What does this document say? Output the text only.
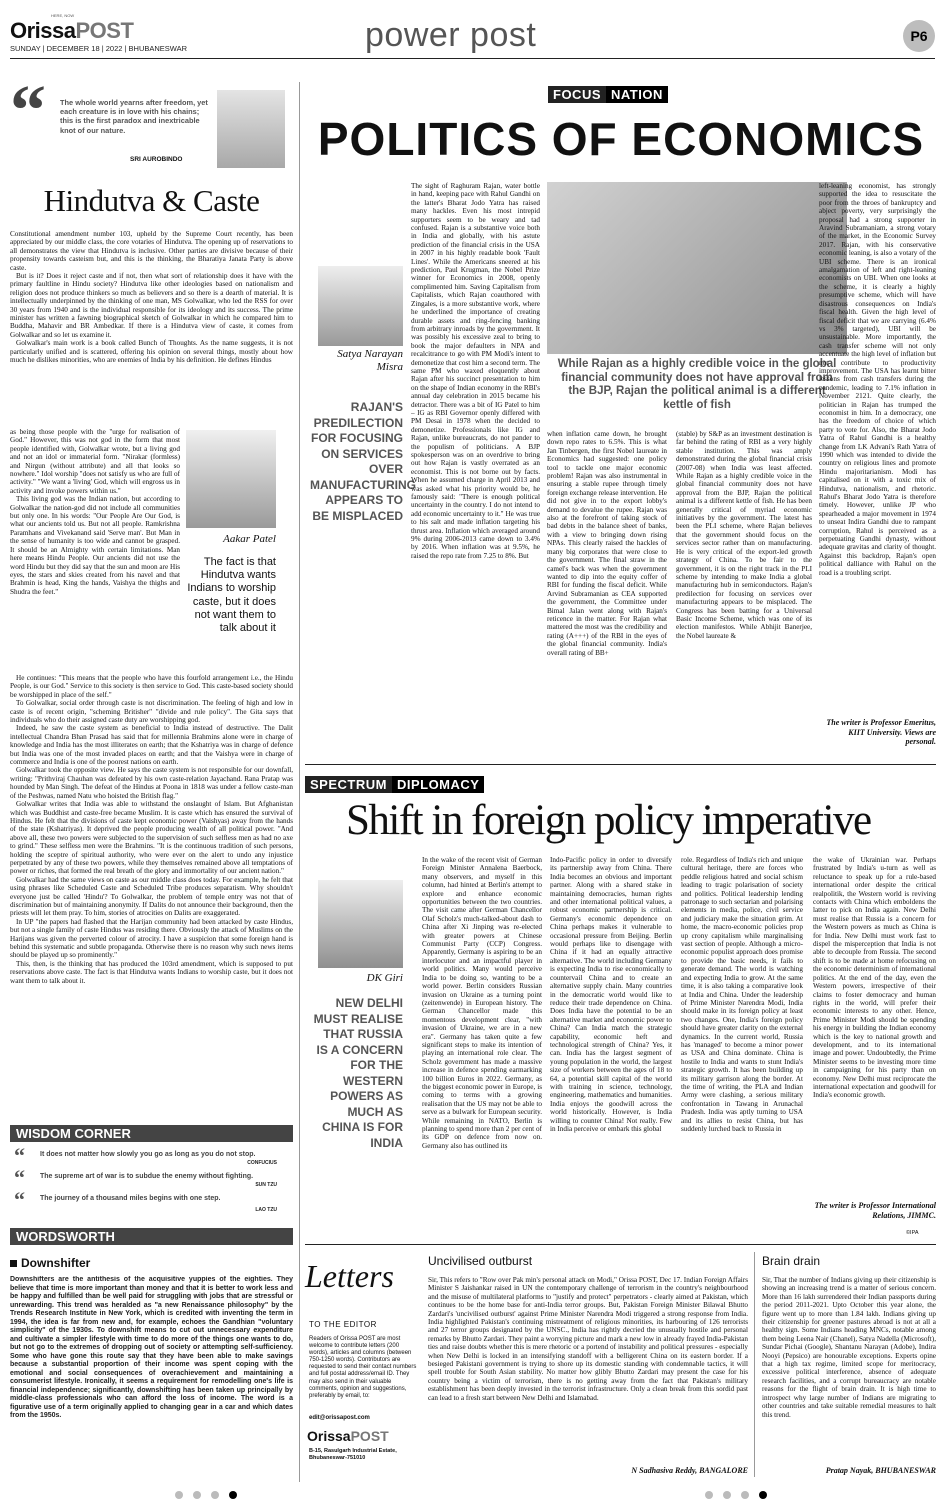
OrissaPOST
HERE, NOW
SUNDAY | DECEMBER 18 | 2022 | BHUBANESWAR	power post	P6
“ The whole world yearns after freedom, yet each creature is in love with his chains; this is the first paradox and inextricable knot of our nature.
SRI AUROBINDO
Hindutva & Caste

Constitutional amendment number 103, upheld by the Supreme Court recently, has been appreciated by our middle class, the core votaries of Hindutva. The opening up of reservations to all demonstrates the view that Hindutva is inclusive. Other parties are divisive because of their propensity towards casteism but, and this is the thinking, the Bharatiya Janata Party is above caste.

But is it? Does it reject caste and if not, then what sort of relationship does it have with the primary faultline in Hindu society? Hindutva like other ideologies based on nationalism and religion does not produce thinkers so much as believers and so there is a dearth of material. It is intellectually underpinned by the thinking of one man, MS Golwalkar, who led the RSS for over 30 years from 1940 and is the individual responsible for its ideology and its success. The prime minister has written a fawning biographical sketch of Golwalkar in which he compared him to Buddha, Mahavir and BR Ambedkar. If there is a Hindutva view of caste, it comes from Golwalkar and so let us examine it.

Golwalkar's main work is a book called Bunch of Thoughts. As the name suggests, it is not particularly unified and is scattered, offering his opinion on several things, mostly about how much he dislikes minorities, who are enemies of India by his definition. He defines Hindus

as being those people with the "urge for realisation of God." However, this was not god in the form that most people identified with, Golwalkar wrote, but a living god and not an idol or immaterial form. "Nirakar (formless) and Nirgun (without attribute) and all that looks so nowhere." Idol worship "does not satisfy us who are full of activity." "We want a 'living' God, which will engross us in activity and invoke powers within us."

This living god was the Indian nation, but according to Golwalkar the nation-god did not include all communities but only one. In his words: "Our People Are Our God, is what our ancients told us. But not all people. Ramkrishna Paramhans and Vivekanand said 'Serve man'. But Man in the sense of humanity is too wide and cannot be grasped. It should be an Almighty with certain limitations. Man here means Hindu People. Our ancients did not use the word Hindu but they did say that the sun and moon are His eyes, the stars and skies created from his navel and that Brahmin is head, King the hands, Vaishya the thighs and Shudra the feet."

Aakar Patel
The fact is that Hindutva wants Indians to worship caste, but it does not want them to talk about it

He continues: "This means that the people who have this fourfold arrangement i.e., the Hindu People, is our God." Service to this society is then service to God. This caste-based society should be worshipped in place of the self."

To Golwalkar, social order through caste is not discrimination. The feeling of high and low in caste is of recent origin, "scheming Britisher" "divide and rule policy". The Gita says that individuals who do their assigned caste duty are worshipping god.

Indeed, he saw the caste system as beneficial to India instead of destructive. The Dalit intellectual Chandra Bhan Prasad has said that for millennia Brahmins alone were in charge of knowledge and India has the most illiterates on earth; that the Kshatriya was in charge of defence but India was one of the most invaded places on earth; and that the Vaishya were in charge of commerce and India is one of the poorest nations on earth.

Golwalkar took the opposite view. He says the caste system is not responsible for our downfall, writing: "Prithviraj Chauhan was defeated by his own caste-relation Jayachand. Rana Pratap was hounded by Man Singh. The defeat of the Hindus at Poona in 1818 was under a fellow caste-man of the Peshwas, named Natu who hoisted the British flag."

Golwalkar writes that India was able to withstand the onslaught of Islam. But Afghanistan which was Buddhist and caste-free became Muslim. It is caste which has ensured the survival of Hindus. He felt that the divisions of caste kept economic power (Vaishyas) away from the hands of the state (Kshatriyas). It deprived the people producing wealth of all political power. "And above all, these two powers were subjected to the supervision of such selfless men as had no axe to grind." These selfless men were the Brahmins. "It is the continuous tradition of such persons, holding the sceptre of spiritual authority, who were ever on the alert to undo any injustice perpetrated by any of these two powers, while they themselves remained above all temptations of power or riches, that formed the real breath of the glory and immortality of our ancient nation."

Golwalkar had the same views on caste as our middle class does today. For example, he felt that using phrases like Scheduled Caste and Scheduled Tribe produces separatism. Why shouldn't everyone just be called 'Hindu'? To Golwalkar, the problem of temple entry was not that of discrimination but of maintaining anonymity. If Dalits do not announce their background, then the priests will let them pray. To him, stories of atrocities on Dalits are exaggerated.

In UP "the papers had flashed that the Harijan community had been attacked by caste Hindus, but not a single family of caste Hindus was residing there. Obviously the attack of Muslims on the Harijans was given the perverted colour of atrocity. I have a suspicion that some foreign hand is behind this systematic and subtle propaganda. Otherwise there is no reason why such news items should be played up so prominently."

This, then, is the thinking that has produced the 103rd amendment, which is supposed to put reservations above caste. The fact is that Hindutva wants Indians to worship caste, but it does not want them to talk about it.

WISDOM CORNER
“ It does not matter how slowly you go as long as you do not stop.
CONFUCIUS
“ The supreme art of war is to subdue the enemy without fighting.
SUN TZU
“ The journey of a thousand miles begins with one step.
LAO TZU
WORDSWORTH
Downshifter
Downshifters are the antithesis of the acquisitive yuppies of the eighties. They believe that time is more important than money and that it is better to work less and be happy and fulfilled than be well paid for struggling with jobs that are stressful or unrewarding. This trend was heralded as "a new Renaissance philosophy" by the Trends Research Institute in New York, which is credited with inventing the term in 1994, the idea is far from new and, for example, echoes the Gandhian "voluntary simplicity" of the 1930s. To downshift means to cut out unnecessary expenditure and cultivate a simpler lifestyle with time to do more of the things one wants to do, but not go to the extremes of dropping out of society or attempting self-sufficiency. Some who have gone this route say that they have been able to make savings because a substantial proportion of their income was spent coping with the emotional and social consequences of overachievement and maintaining a consumerist lifestyle. Ironically, it seems a requirement for remodelling one's life is financial independence; significantly, downshifting has been taken up principally by middle-class professionals who can afford the loss of income. The word is a figurative use of a term originally applied to changing gear in a car and which dates from the 1950s.
FOCUS NATION
POLITICS OF ECONOMICS
Satya Narayan Misra
RAJAN'S PREDILECTION FOR FOCUSING ON SERVICES OVER MANUFACTURING APPEARS TO BE MISPLACED

The sight of Raghuram Rajan, water bottle in hand, keeping pace with Rahul Gandhi on the latter's Bharat Jodo Yatra has raised many hackles. Even his most intrepid supporters seem to be weary and tad confused. Rajan is a substantive voice both in India and globally, with his astute prediction of the financial crisis in the USA in 2007 in his highly readable book 'Fault Lines'. While the Americans sneered at his prediction, Paul Krugman, the Nobel Prize winner for Economics in 2008, openly complimented him. Saving Capitalism from Capitalists, which Rajan coauthored with Zingales, is a more substantive work, where he underlined the importance of creating durable assets and ring-fencing banking from arbitrary inroads by the government. It was possibly his excessive zeal to bring to book the major defaulters in NPA and recalcitrance to go with PM Modi's intent to demonetize that cost him a second term. The same PM who waxed eloquently about Rajan after his succinct presentation to him on the shape of Indian economy in the RBI's annual day celebration in 2015 became his detractor. There was a bit of IG Patel to him – IG as RBI Governor openly differed with PM Desai in 1978 when the decided to demonetize. Professionals like IG and Rajan, unlike bureaucrats, do not pander to the populism of politicians. A BJP spokesperson was on an overdrive to bring out how Rajan is vastly overrated as an economist. This is not borne out by facts. When he assumed charge in April 2013 and was asked what his priority would be, he famously said: "There is enough political uncertainty in the country. I do not intend to add economic uncertainty to it." He was true to his salt and made inflation targeting his thrust area. Inflation which averaged around 9% during 2006-2013 came down to 3.4% by 2016. When inflation was at 9.5%, he raised the repo rate from 7.25 to 8%. But

While Rajan as a highly credible voice in the global financial community does not have approval from the BJP, Rajan the political animal is a different kettle of fish

when inflation came down, he brought down repo rates to 6.5%. This is what Jan Tinbergen, the first Nobel laureate in Economics had suggested: one policy tool to tackle one major economic problem! Rajan was also instrumental in ensuring a stable rupee through timely foreign exchange release intervention. He did not give in to the export lobby's demand to devalue the rupee. Rajan was also at the forefront of taking stock of bad debts in the balance sheet of banks, with a view to bringing down rising NPAs. This clearly raised the hackles of many big corporates that were close to the government. The final straw in the camel's back was when the government wanted to dip into the equity coffer of RBI for funding the fiscal deficit. While Arvind Subramanian as CEA supported the government, the Committee under Bimal Jalan went along with Rajan's reticence in the matter. For Rajan what mattered the most was the credibility and rating (A+++) of the RBI in the eyes of the global financial community. India's overall rating of BB+

(stable) by S&P as an investment destination is far behind the rating of RBI as a very highly stable institution. This was amply demonstrated during the global financial crisis (2007-08) when India was least affected. While Rajan as a highly credible voice in the global financial community does not have approval from the BJP, Rajan the political animal is a different kettle of fish. He has been generally critical of myriad economic initiatives by the government. The latest has been the PLI scheme, where Rajan believes that the government should focus on the services sector rather than on manufacturing. He is very critical of the export-led growth strategy of China. To be fair to the government, it is on the right track in the PLI scheme by intending to make India a global manufacturing hub in semiconductors. Rajan's predilection for focusing on services over manufacturing appears to be misplaced. The Congress has been batting for a Universal Basic Income Scheme, which was one of its election manifestos. While Abhijit Banerjee, the Nobel laureate &

left-leaning economist, has strongly supported the idea to resuscitate the poor from the throes of bankruptcy and abject poverty, very surprisingly the proposal had a strong supporter in Aravind Subramaniam, a strong votary of the market, in the Economic Survey 2017. Rajan, with his conservative economic leaning, is also a votary of the UBI scheme. There is an ironical amalgamation of left and right-leaning economists on UBI. When one looks at the scheme, it is clearly a highly presumptive scheme, which will have disastrous consequences on India's fiscal health. Given the high level of fiscal deficit that we are carrying (6.4% vs 3% targeted), UBI will be unsustainable. More importantly, the cash transfer scheme will not only accentuate the high level of inflation but not contribute to productivity improvement. The USA has learnt bitter lessons from cash transfers during the pandemic, leading to 7.1% inflation in November 2121. Quite clearly, the politician in Rajan has trumped the economist in him. In a democracy, one has the freedom of choice of which party to vote for. Also, the Bharat Jodo Yatra of Rahul Gandhi is a healthy change from LK Advani's Rath Yatra of 1990 which was intended to divide the country on religious lines and promote Hindu majoritarianism. Modi has capitalised on it with a toxic mix of Hindutva, nationalism, and rhetoric. Rahul's Bharat Jodo Yatra is therefore timely. However, unlike JP who spearheaded a major movement in 1974 to unseat Indira Gandhi due to rampant corruption, Rahul is perceived as a perpetuating Gandhi dynasty, without adequate gravitas and clarity of thought. Against this backdrop, Rajan's open political dalliance with Rahul on the road is a troubling script.

The writer is Professor Emeritus, KIIT University. Views are personal.
SPECTRUM DIPLOMACY
Shift in foreign policy imperative
DK Giri
NEW DELHI MUST REALISE THAT RUSSIA IS A CONCERN FOR THE WESTERN POWERS AS MUCH AS CHINA IS FOR INDIA

In the wake of the recent visit of German Foreign Minister Annalena Baerbock, many observers, and myself in this column, had hinted at Berlin's attempt to explore and enhance economic opportunities between the two countries. The visit came after German Chancellor Olaf Scholz's much-talked-about dash to China after Xi Jinping was re-elected with greater powers at Chinese Communist Party (CCP) Congress. Apparently, Germany is aspiring to be an interlocutor and an impactful player in world politics. Many would perceive India to be doing so, wanting to be a world power. Berlin considers Russian invasion on Ukraine as a turning point (zeitenwende) in European history. The German Chancellor made this momentous development clear, "with invasion of Ukraine, we are in a new era". Germany has taken quite a few significant steps to make its intention of playing an international role clear. The Scholz government has made a massive increase in defence spending earmarking 100 billion Euros in 2022. Germany, as the biggest economic power in Europe, is coming to terms with a growing realisation that the US may not be able to serve as a bulwark for European security. While remaining in NATO, Berlin is planning to spend more than 2 per cent of its GDP on defence from now on. Germany also has outlined its

Indo-Pacific policy in order to diversify its partnership away from China. There India becomes an obvious and important partner. Along with a shared stake in maintaining democracies, human rights and other international political values, a robust economic partnership is critical. Germany's economic dependence on China perhaps makes it vulnerable to occasional pressure from Beijing. Berlin would perhaps like to disengage with China if it had an equally attractive alternative. The world including Germany is expecting India to rise economically to countervail China and to create an alternative supply chain. Many countries in the democratic world would like to reduce their trade dependence on China. Does India have the potential to be an alternative market and economic power to China? Can India match the strategic capability, economic heft and technological strength of China? Yes, it can. India has the largest segment of young population in the world, the largest size of workers between the ages of 18 to 64, a potential skill capital of the world with training in science, technology, engineering, mathematics and humanities. India enjoys the goodwill across the world historically. However, is India willing to counter China! Not really. Few in India perceive or embark this global

role. Regardless of India's rich and unique cultural heritage, there are forces who peddle religious hatred and social schism leading to tragic polarisation of society and politics. Political leadership lending patronage to such sectarian and polarising elements in media, police, civil service and judiciary make the situation grim. At home, the macro-economic policies prop up crony capitalism while marginalising vast section of people. Although a micro-economic populist approach does promise to provide the basic needs, it fails to generate demand. The world is watching and expecting India to grow. At the same time, it is also taking a comparative look at India and China. Under the leadership of Prime Minister Narendra Modi, India should make in its foreign policy at least two changes. One, India's foreign policy should have greater clarity on the external dynamics. In the current world, Russia has 'managed' to become a minor power as USA and China dominate. China is hostile to India and wants to stunt India's strategic growth. It has been building up its military garrison along the border. At the time of writing, the PLA and Indian Army were clashing, a serious military confrontation in Tawang in Arunachal Pradesh. India was aptly turning to USA and its allies to resist China, but has suddenly lurched back to Russia in

the wake of Ukrainian war. Perhaps frustrated by India's u-turn as well as reluctance to speak up for a rule-based international order despite the critical realpolitik, the Western world is reviving contacts with China which emboldens the latter to pick on India again. New Delhi must realise that Russia is a concern for the Western powers as much as China is for India. New Delhi must work fast to dispel the misperception that India is not able to decouple from Russia. The second shift is to be made at home refocusing on the economic determinism of international politics. At the end of the day, even the Western powers, irrespective of their claims to foster democracy and human rights in the world, will prefer their economic interests to any other. Hence, Prime Minister Modi should be spending his energy in building the Indian economy which is the key to national growth and development, and to its international image and power. Undoubtedly, the Prime Minister seems to be investing more time in campaigning for his party than on economy. New Delhi must reciprocate the international expectation and goodwill for India's economic growth.

The writer is Professor International Relations, JIMMC.
©IPA
Letters
TO THE EDITOR
Readers of Orissa POST are most welcome to contribute letters (200 words), articles and columns (between 750-1250 words). Contributors are requested to send their contact numbers and full postal address/email ID. They may also send in their valuable comments, opinion and suggestions, preferably by email, to:
edit@orissapost.com
OrissaPOST
B-15, Rasulgarh Industrial Estate, Bhubaneswar-751010
Uncivilised outburst

Sir, This refers to "Row over Pak min's personal attack on Modi," Orissa POST, Dec 17. Indian Foreign Affairs Minister S Jaishankar raised in UN the contemporary challenge of terrorism in the country's neighbourhood and the misuse of multilateral platforms to "justify and protect" perpetrators - clearly aimed at Pakistan, which continues to be the home base for anti-India terror groups. But, Pakistan Foreign Minister Bilawal Bhutto Zardari's 'uncivilised outburst' against Prime Minister Narendra Modi triggered a strong response from India. India highlighted Pakistan's continuing mistreatment of religious minorities, its harbouring of 126 terrorists and 27 terror groups designated by the UNSC., India has rightly decried the unusually hostile and personal remarks by Bhutto Zardari. They paint a worrying picture and mark a new low in already frayed India-Pakistan ties and raise doubts whether this is mere rhetoric or a portend of instability and political pressures - especially when New Delhi is locked in an intensifying standoff with a belligerent China on its eastern border. If a besieged Pakistani government is trying to shore up its domestic standing with condemnable tactics, it will spell trouble for South Asian stability. No matter how glibly Bhutto Zardari may present the case for his country being a victim of terrorism, there is no getting away from the fact that Pakistan's military establishment has been deeply invested in the terrorist infrastructure. Only a clean break from this sordid past can lead to a fresh start between New Delhi and Islamabad.

N Sadhasiva Reddy, BANGALORE
Brain drain

Sir, That the number of Indians giving up their citizenship is showing an increasing trend is a matter of serious concern. More than 16 lakh surrendered their Indian passports during the period 2011-2021. Upto October this year alone, the figure went up to more than 1.84 lakh. Indians giving up their citizenship for greener pastures abroad is not at all a healthy sign. Some Indians heading MNCs, notable among them being Leena Nair (Chanel), Satya Nadella (Microsoft), Sundar Pichai (Google), Shantanu Narayan (Adobe), Indira Nooyi (Pepsico) are honourable exceptions. Experts opine that a high tax regime, limited scope for meritocracy, excessive political interference, absence of adequate research facilities, and a corrupt bureaucracy are notable reasons for the flight of brain drain. It is high time to introspect why large number of Indians are migrating to other countries and take suitable remedial measures to halt this trend.

Pratap Nayak, BHUBANESWAR
